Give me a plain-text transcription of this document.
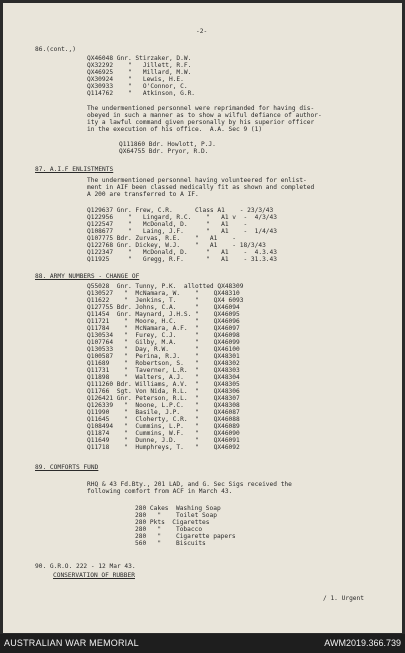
-2-
86.(cont.,)
QX46048 Gnr. Stirzaker, D.W.
QX32292    "   Jillett, R.F.
QX46925    "   Millard, M.W.
QX30924    "   Lewis, H.E.
QX30933    "   O'Connor, C.
Q114762    "   Atkinson, G.R.
The undermentioned personnel were reprimanded for having dis-
obeyed in such a manner as to show a wilful defiance of author-
ity a lawful command given personally by his superior officer
in the execution of his office.  A.A. Sec 9 (1)
Q111860 Bdr. Howlott, P.J.
QX64755 Bdr. Pryor, R.D.
87. A.I.F ENLISTMENTS
The undermentioned personnel having volunteered for enlist-
ment in AIF been classed medically fit as shown and completed
A 200 are transferred to A IF.
Q129637 Gnr. Frew, C.R.      Class A1    - 23/3/43
Q122956    "   Lingard, R.C.    "   A1 v  -  4/3/43
Q122547    "   McDonald, D.     "   A1    -
Q108677    "   Laing, J.F.      "   A1    -  1/4/43
Q107775 Bdr. Zurvas, R.E.    "   A1    -
Q122768 Gnr. Dickey, W.J.    "   A1    - 18/3/43
Q122347    "   McDonald, D.     "   A1    -  4.3.43
Q11925     "   Gregg, R.F.      "   A1    - 31.3.43
88. ARMY NUMBERS - CHANGE OF
Q55028  Gnr. Tunny, P.K.  allotted QX48309
Q130527   "  McNamara, W.    "    QX48310
Q11622    "  Jenkins, T.     "    QX4 6093
Q127755 Bdr. Johns, C.A.     "    QX46094
Q11454  Gnr. Maynard, J.H.S. "    QX46095
Q11721    "  Moore, H.C.     "    QX46096
Q11784    "  McNamara, A.F.  "    QX46097
Q130534   "  Furey, C.J.     "    QX46098
Q107764   "  Gilby, M.A.     "    QX46099
Q130533   "  Day, R.W.       "    QX46100
Q100587   "  Perina, R.J.    "    QX48301
Q11689    "  Robertson, S.   "    QX48302
Q11731    "  Taverner, L.R.  "    QX48303
Q11898    "  Walters, A.J.   "    QX48304
Q111260 Bdr. Williams, A.V.  "    QX48305
Q11766  Sgt. Von Nida, R.L.  "    QX48306
Q126421 Gnr. Peterson, R.L.  "    QX48307
Q126339   "  Noone, L.P.C.   "    QX48308
Q11990    "  Basile, J.P.    "    QX46087
Q11645    "  Cloherty, C.R.  "    QX46088
Q108494   "  Cummins, L.P.   "    QX46089
Q11874    "  Cummins, W.F.   "    QX46090
Q11649    "  Dunne, J.D.     "    QX46091
Q11718    "  Humphreys, T.   "    QX46092
89. COMFORTS FUND
RHQ & 43 Fd.Bty., 201 LAD, and G. Sec Sigs received the
following comfort from ACF in March 43.
280 Cakes  Washing Soap
280   "    Toilet Soap
280 Pkts  Cigarettes
280   "    Tobacco
280   "    Cigarette papers
560   "    Biscuits
90. G.R.O. 222 - 12 Mar 43.
CONSERVATION OF RUBBER
/ 1. Urgent
AUSTRALIAN WAR MEMORIAL	AWM2019.366.739
